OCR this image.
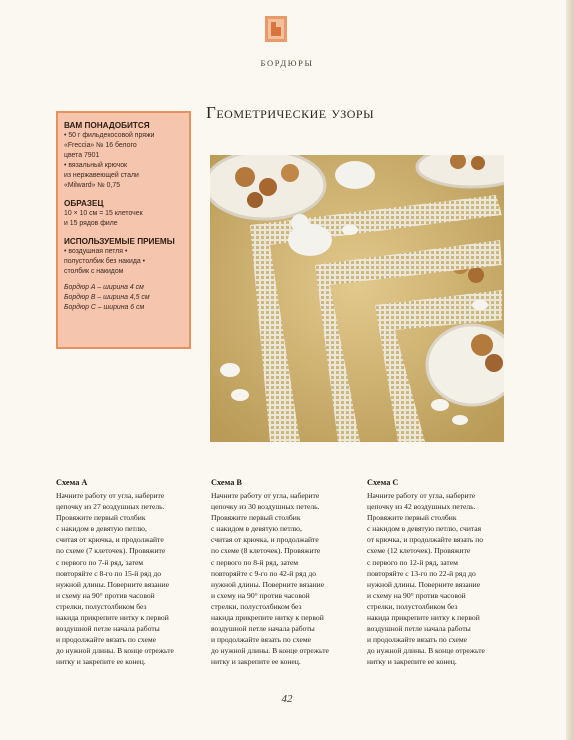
БОРДЮРЫ
Геометрические узоры
ВАМ ПОНАДОБИТСЯ
• 50 г фильдекосовой пряжи
«Freccia» № 16 белого
цвета 7901
• вязальный крючок
из нержавеющей стали
«Milward» № 0,75
ОБРАЗЕЦ
10 × 10 см = 15 клеточек
и 15 рядов филе
ИСПОЛЬЗУЕМЫЕ ПРИЕМЫ
• воздушная петля •
полустолбик без накида •
столбик с накидом
Бордюр А – ширина 4 см
Бордюр В – ширина 4,5 см
Бордюр С – ширина 6 см
Схема A
Начните работу от угла, наберите
цепочку из 27 воздушных петель.
Провяжите первый столбик
с накидом в девятую петлю,
считая от крючка, и продолжайте
по схеме (7 клеточек). Провяжите
с первого по 7-й ряд, затем
повторяйте с 8-го по 15-й ряд до
нужной длины. Поверните вязание
и схему на 90° против часовой
стрелки, полустолбиком без
накида прикрепите нитку к первой
воздушной петле начала работы
и продолжайте вязать по схеме
до нужной длины. В конце отрежьте
нитку и закрепите ее конец.
Схема B
Начните работу от угла, наберите
цепочку из 30 воздушных петель.
Провяжите первый столбик
с накидом в девятую петлю,
считая от крючка, и продолжайте
по схеме (8 клеточек). Провяжите
с первого по 8-й ряд, затем
повторяйте с 9-го по 42-й ряд до
нужной длины. Поверните вязание
и схему на 90° против часовой
стрелки, полустолбиком без
накида прикрепите нитку к первой
воздушной петле начала работы
и продолжайте вязать по схеме
до нужной длины. В конце отрежьте
нитку и закрепите ее конец.
Схема C
Начните работу от угла, наберите
цепочку из 42 воздушных петель.
Провяжите первый столбик
с накидом в девятую петлю, считая
от крючка, и продолжайте вязать по
схеме (12 клеточек). Провяжите
с первого по 12-й ряд, затем
повторяйте с 13-го по 22-й ряд до
нужной длины. Поверните вязание
и схему на 90° против часовой
стрелки, полустолбиком без
накида прикрепите нитку к первой
воздушной петле начала работы
и продолжайте вязать по схеме
до нужной длины. В конце отрежьте
нитку и закрепите ее конец.
42
